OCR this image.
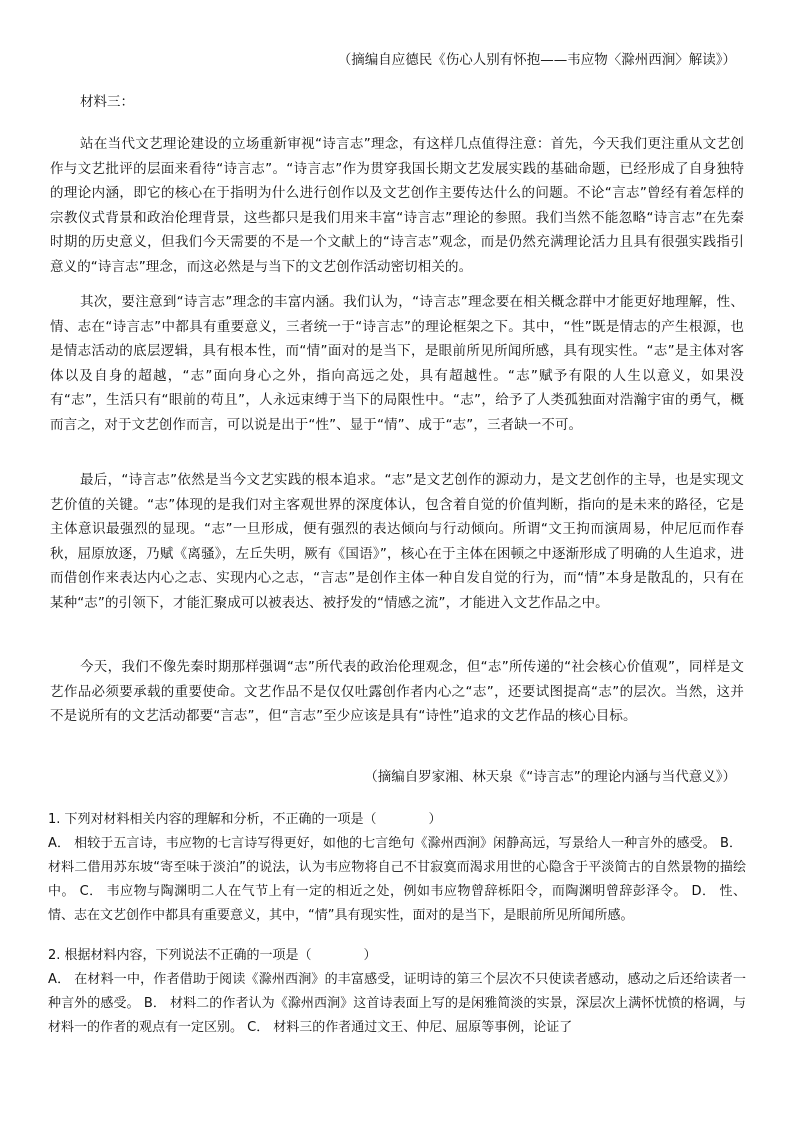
（摘编自应德民《伤心人别有怀抱——韦应物〈滁州西涧〉解读》）
材料三：

站在当代文艺理论建设的立场重新审视“诗言志”理念，有这样几点值得注意：首先，今天我们更注重从文艺创作与文艺批评的层面来看待“诗言志”。“诗言志”作为贯穿我国长期文艺发展实践的基础命题，已经形成了自身独特的理论内涵，即它的核心在于指明为什么进行创作以及文艺创作主要传达什么的问题。不论“言志”曾经有着怎样的宗教仪式背景和政治伦理背景，这些都只是我们用来丰富“诗言志”理论的参照。我们当然不能忽略“诗言志”在先秦时期的历史意义，但我们今天需要的不是一个文献上的“诗言志”观念，而是仍然充满理论活力且具有很强实践指引意义的“诗言志”理念，而这必然是与当下的文艺创作活动密切相关的。

其次，要注意到“诗言志”理念的丰富内涵。我们认为，“诗言志”理念要在相关概念群中才能更好地理解，性、情、志在“诗言志”中都具有重要意义，三者统一于“诗言志”的理论框架之下。其中，“性”既是情志的产生根源，也是情志活动的底层逻辑，具有根本性，而“情”面对的是当下，是眼前所见所闻所感，具有现实性。“志”是主体对客体以及自身的超越，“志”面向身心之外，指向高远之处，具有超越性。“志”赋予有限的人生以意义，如果没有“志”，生活只有“眼前的苟且”，人永远束缚于当下的局限性中。“志”，给予了人类孤独面对浩瀚宇宙的勇气，概而言之，对于文艺创作而言，可以说是出于“性”、显于“情”、成于“志”，三者缺一不可。

最后，“诗言志”依然是当今文艺实践的根本追求。“志”是文艺创作的源动力，是文艺创作的主导，也是实现文艺价值的关键。“志”体现的是我们对主客观世界的深度体认，包含着自觉的价值判断，指向的是未来的路径，它是主体意识最强烈的显现。“志”一旦形成，便有强烈的表达倾向与行动倾向。所谓“文王拘而演周易，仲尼厄而作春秋，屈原放逐，乃赋《离骚》，左丘失明，厥有《国语》”，核心在于主体在困顿之中逐渐形成了明确的人生追求，进而借创作来表达内心之志、实现内心之志，“言志”是创作主体一种自发自觉的行为，而“情”本身是散乱的，只有在某种“志”的引领下，才能汇聚成可以被表达、被抒发的“情感之流”，才能进入文艺作品之中。

今天，我们不像先秦时期那样强调“志”所代表的政治伦理观念，但“志”所传递的“社会核心价值观”，同样是文艺作品必须要承载的重要使命。文艺作品不是仅仅吐露创作者内心之“志”，还要试图提高“志”的层次。当然，这并不是说所有的文艺活动都要“言志”，但“言志”至少应该是具有“诗性”追求的文艺作品的核心目标。

（摘编自罗家湘、林天泉《“诗言志”的理论内涵与当代意义》）
1. 下列对材料相关内容的理解和分析，不正确的一项是（　　　　）
A． 相较于五言诗，韦应物的七言诗写得更好，如他的七言绝句《滁州西涧》闲静高远，写景给人一种言外的感受。 B．材料二借用苏东坡“寄至味于淡泊”的说法，认为韦应物将自己不甘寂寞而渴求用世的心隐含于平淡简古的自然景物的描绘中。 C． 韦应物与陶渊明二人在气节上有一定的相近之处，例如韦应物曾辞栎阳令，而陶渊明曾辞彭泽令。 D． 性、情、志在文艺创作中都具有重要意义，其中，“情”具有现实性，面对的是当下，是眼前所见所闻所感。
2. 根据材料内容，下列说法不正确的一项是（　　　　）
A． 在材料一中，作者借助于阅读《滁州西涧》的丰富感受，证明诗的第三个层次不只使读者感动，感动之后还给读者一种言外的感受。 B． 材料二的作者认为《滁州西涧》这首诗表面上写的是闲雅简淡的实景，深层次上满怀忧愤的格调，与材料一的作者的观点有一定区别。 C． 材料三的作者通过文王、仲尼、屈原等事例，论证了
